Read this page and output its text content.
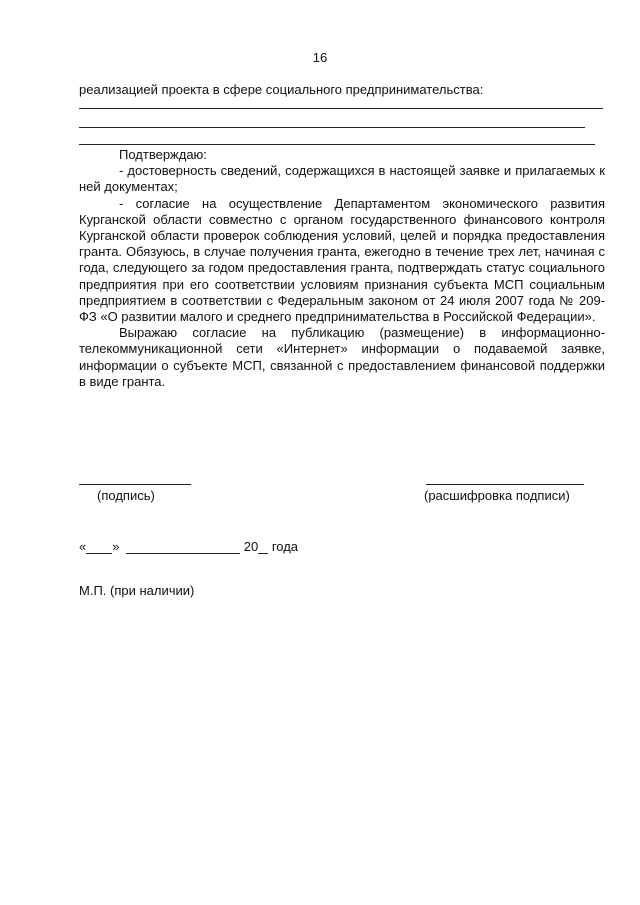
16
реализацией проекта в сфере социального предпринимательства:

Подтверждаю:

- достоверность сведений, содержащихся в настоящей заявке и прилагаемых к ней документах;

- согласие на осуществление Департаментом экономического развития Курганской области совместно с органом государственного финансового контроля Курганской области проверок соблюдения условий, целей и порядка предоставления гранта. Обязуюсь, в случае получения гранта, ежегодно в течение трех лет, начиная с года, следующего за годом предоставления гранта, подтверждать статус социального предприятия при его соответствии условиям признания субъекта МСП социальным предприятием в соответствии с Федеральным законом от 24 июля 2007 года № 209-ФЗ «О развитии малого и среднего предпринимательства в Российской Федерации».

Выражаю согласие на публикацию (размещение) в информационно-телекоммуникационной сети «Интернет» информации о подаваемой заявке, информации о субъекте МСП, связанной с предоставлением финансовой поддержки в виде гранта.

(подпись)	(расшифровка подписи)
« »	20 года
М.П. (при наличии)
